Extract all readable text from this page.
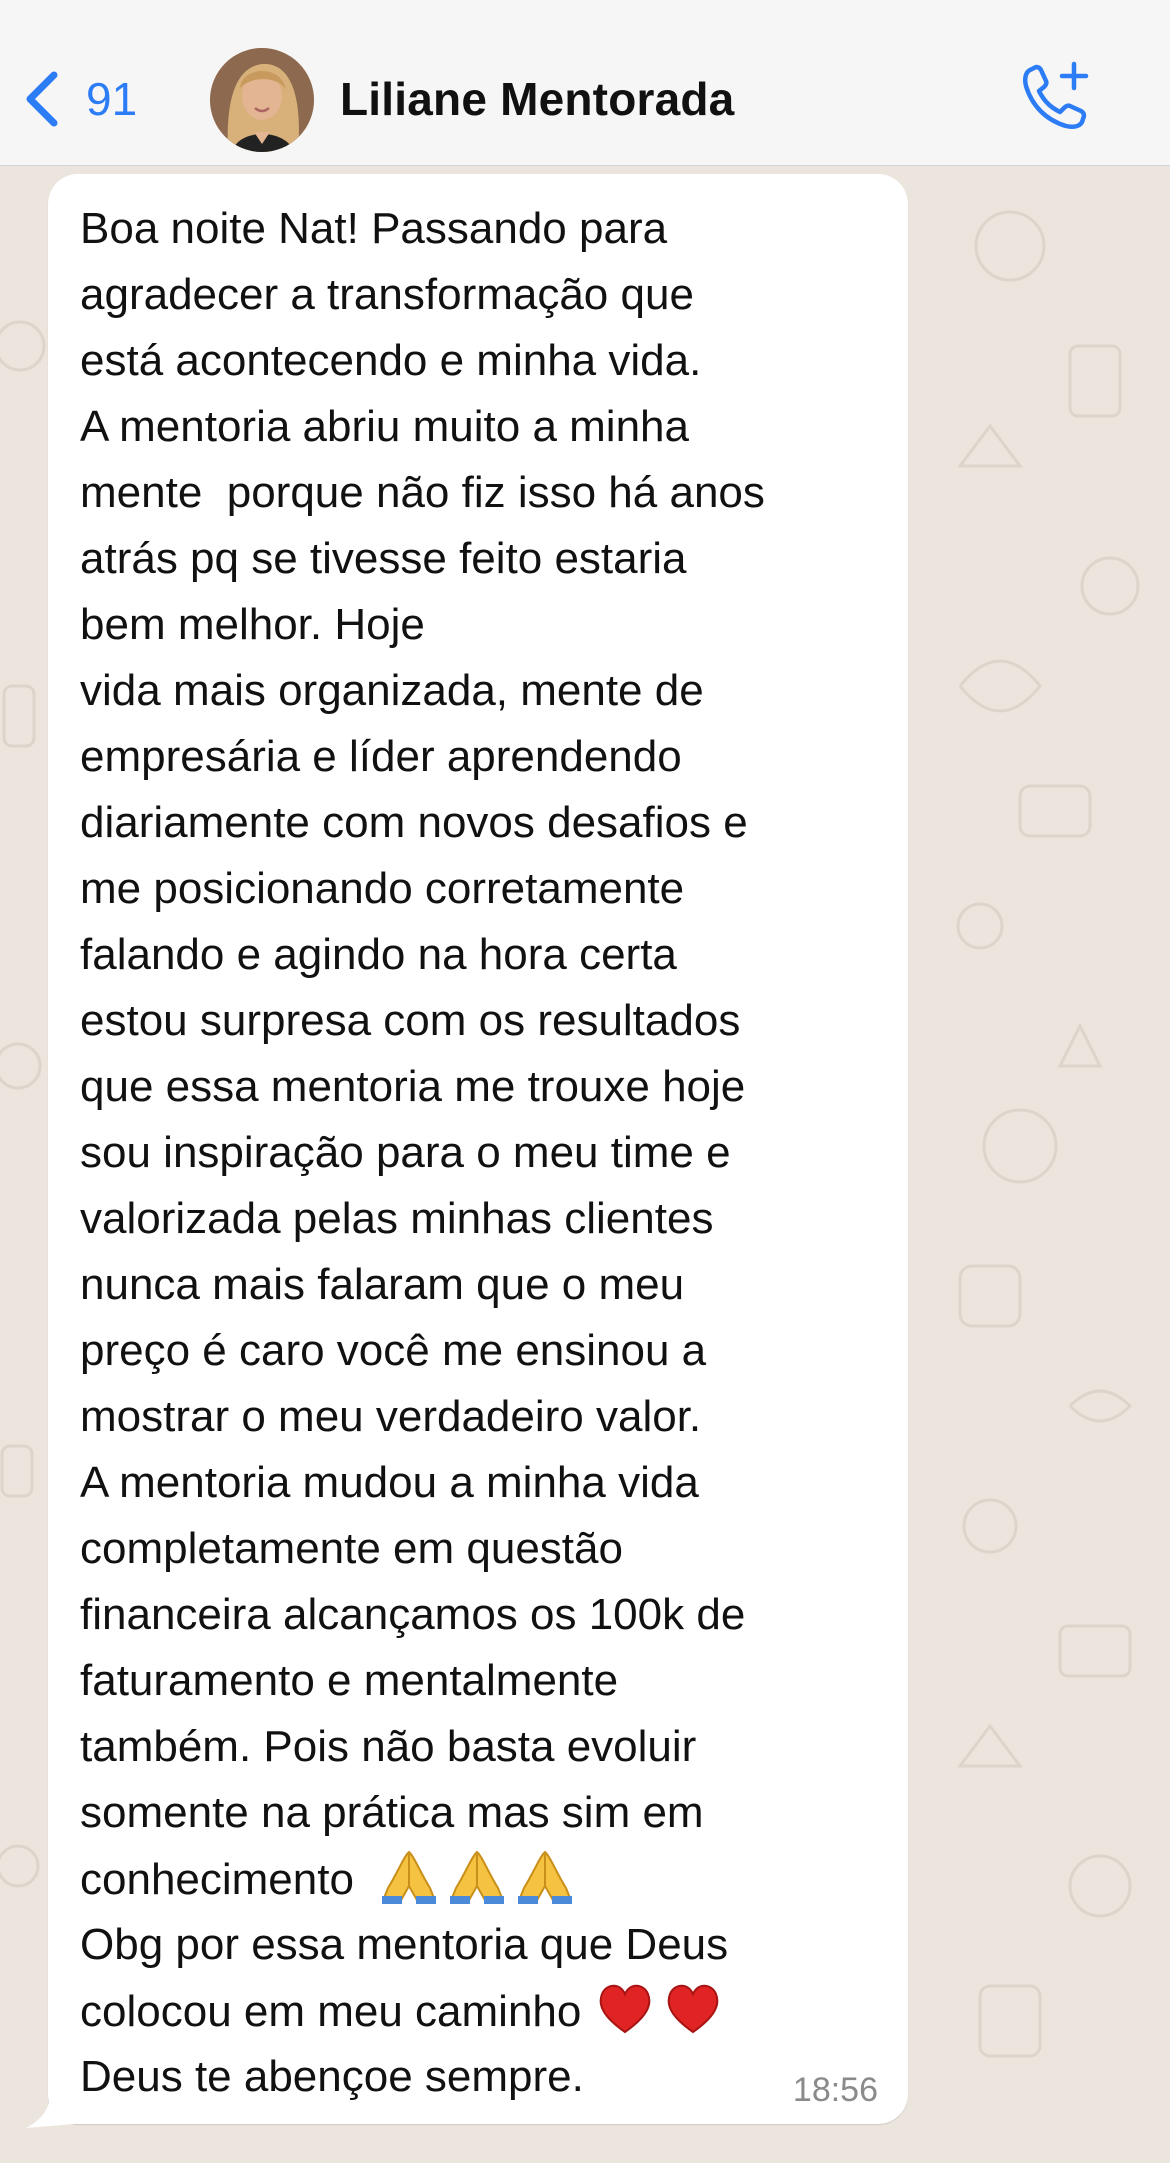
91	Liliane Mentorada

Boa noite Nat! Passando para
agradecer a transformação que
está acontecendo e minha vida.
A mentoria abriu muito a minha
mente  porque não fiz isso há anos
atrás pq se tivesse feito estaria
bem melhor. Hoje
vida mais organizada, mente de
empresária e líder aprendendo
diariamente com novos desafios e
me posicionando corretamente
falando e agindo na hora certa
estou surpresa com os resultados
que essa mentoria me trouxe hoje
sou inspiração para o meu time e
valorizada pelas minhas clientes
nunca mais falaram que o meu
preço é caro você me ensinou a
mostrar o meu verdadeiro valor.
A mentoria mudou a minha vida
completamente em questão
financeira alcançamos os 100k de
faturamento e mentalmente
também. Pois não basta evoluir
somente na prática mas sim em
conhecimento
Obg por essa mentoria que Deus
colocou em meu caminho
Deus te abençoe sempre.	18:56
